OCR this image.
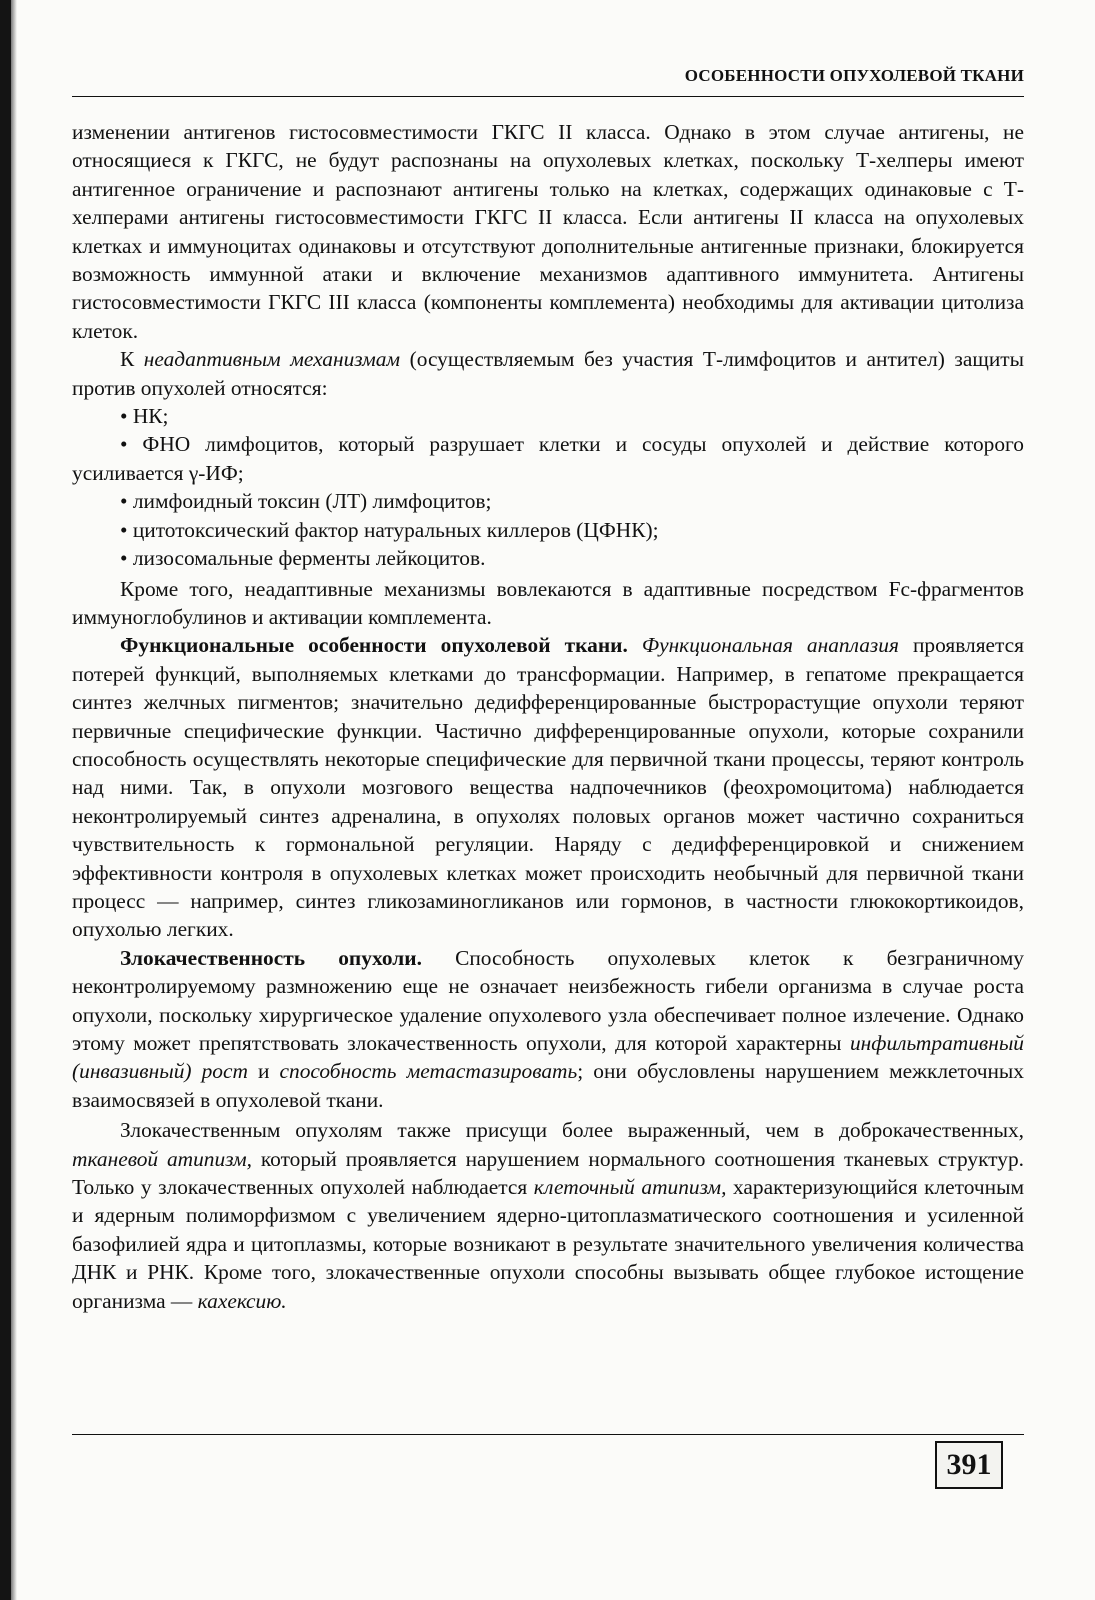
ОСОБЕННОСТИ ОПУХОЛЕВОЙ ТКАНИ

изменении антигенов гистосовместимости ГКГС II класса. Однако в этом случае антигены, не относящиеся к ГКГС, не будут распознаны на опухолевых клетках, поскольку Т-хелперы имеют антигенное ограничение и распознают антигены только на клетках, содержащих одинаковые с Т-хелперами антигены гистосовместимости ГКГС II класса. Если антигены II класса на опухолевых клетках и иммуноцитах одинаковы и отсутствуют дополнительные антигенные признаки, блокируется возможность иммунной атаки и включение механизмов адаптивного иммунитета. Антигены гистосовместимости ГКГС III класса (компоненты комплемента) необходимы для активации цитолиза клеток.

К неадаптивным механизмам (осуществляемым без участия Т-лимфоцитов и антител) защиты против опухолей относятся:

• НК;

• ФНО лимфоцитов, который разрушает клетки и сосуды опухолей и действие которого усиливается γ-ИФ;

• лимфоидный токсин (ЛТ) лимфоцитов;

• цитотоксический фактор натуральных киллеров (ЦФНК);

• лизосомальные ферменты лейкоцитов.

Кроме того, неадаптивные механизмы вовлекаются в адаптивные посредством Fc-фрагментов иммуноглобулинов и активации комплемента.

Функциональные особенности опухолевой ткани. Функциональная анаплазия проявляется потерей функций, выполняемых клетками до трансформации. Например, в гепатоме прекращается синтез желчных пигментов; значительно дедифференцированные быстрорастущие опухоли теряют первичные специфические функции. Частично дифференцированные опухоли, которые сохранили способность осуществлять некоторые специфические для первичной ткани процессы, теряют контроль над ними. Так, в опухоли мозгового вещества надпочечников (феохромоцитома) наблюдается неконтролируемый синтез адреналина, в опухолях половых органов может частично сохраниться чувствительность к гормональной регуляции. Наряду с дедифференцировкой и снижением эффективности контроля в опухолевых клетках может происходить необычный для первичной ткани процесс — например, синтез гликозаминогликанов или гормонов, в частности глюкокортикоидов, опухолью легких.

Злокачественность опухоли. Способность опухолевых клеток к безграничному неконтролируемому размножению еще не означает неизбежность гибели организма в случае роста опухоли, поскольку хирургическое удаление опухолевого узла обеспечивает полное излечение. Однако этому может препятствовать злокачественность опухоли, для которой характерны инфильтративный (инвазивный) рост и способность метастазировать; они обусловлены нарушением межклеточных взаимосвязей в опухолевой ткани.

Злокачественным опухолям также присущи более выраженный, чем в доброкачественных, тканевой атипизм, который проявляется нарушением нормального соотношения тканевых структур. Только у злокачественных опухолей наблюдается клеточный атипизм, характеризующийся клеточным и ядерным полиморфизмом с увеличением ядерно-цитоплазматического соотношения и усиленной базофилией ядра и цитоплазмы, которые возникают в результате значительного увеличения количества ДНК и РНК. Кроме того, злокачественные опухоли способны вызывать общее глубокое истощение организма — кахексию.

391
